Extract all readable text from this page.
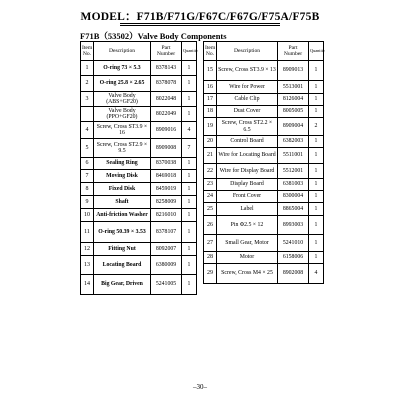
MODEL：F71B/F71G/F67C/F67G/F75A/F75B
F71B（53502）Valve Body Components
Item No.	Description	Part Number	Quantity
1	O-ring 73 × 5.3	8378143	1
2	O-ring 25.8 × 2.65	8378078	1
3	Valve Body (ABS+GF20)	8022048	1
	Valve Body (PPO+GF20)	8022049	1
4	Screw, Cross ST3.9 × 16	8909016	4
5	Screw, Cross ST2.9 × 9.5	8909008	7
6	Sealing Ring	8370038	1
7	Moving Disk	8469018	1
8	Fixed Disk	8459019	1
9	Shaft	8258009	1
10	Anti-friction Washer	8216010	1
11	O-ring 50.39 × 3.53	8378107	1
12	Fitting Nut	8092007	1
13	Locating Board	6380009	1
14	Big Gear, Driven	5241005	1
Item No.	Description	Part Number	Quantity
15	Screw, Cross ST3.9 × 13	8909013	1
16	Wire for Power	5513001	1
17	Cable Clip	8126004	1
18	Dust Cover	8005005	1
19	Screw, Cross ST2.2 × 6.5	8909004	2
20	Control Board	6382003	1
21	Wire for Locating Board	5511001	1
22	Wire for Display Board	5512001	1
23	Display Board	6381003	1
24	Front Cover	8300004	1
25	Label	8865004	1
26	Pin Φ2.5 × 12	8993003	1
27	Small Gear, Motor	5241010	1
28	Motor	6158006	1
29	Screw, Cross M4 × 25	8902008	4
–30–
